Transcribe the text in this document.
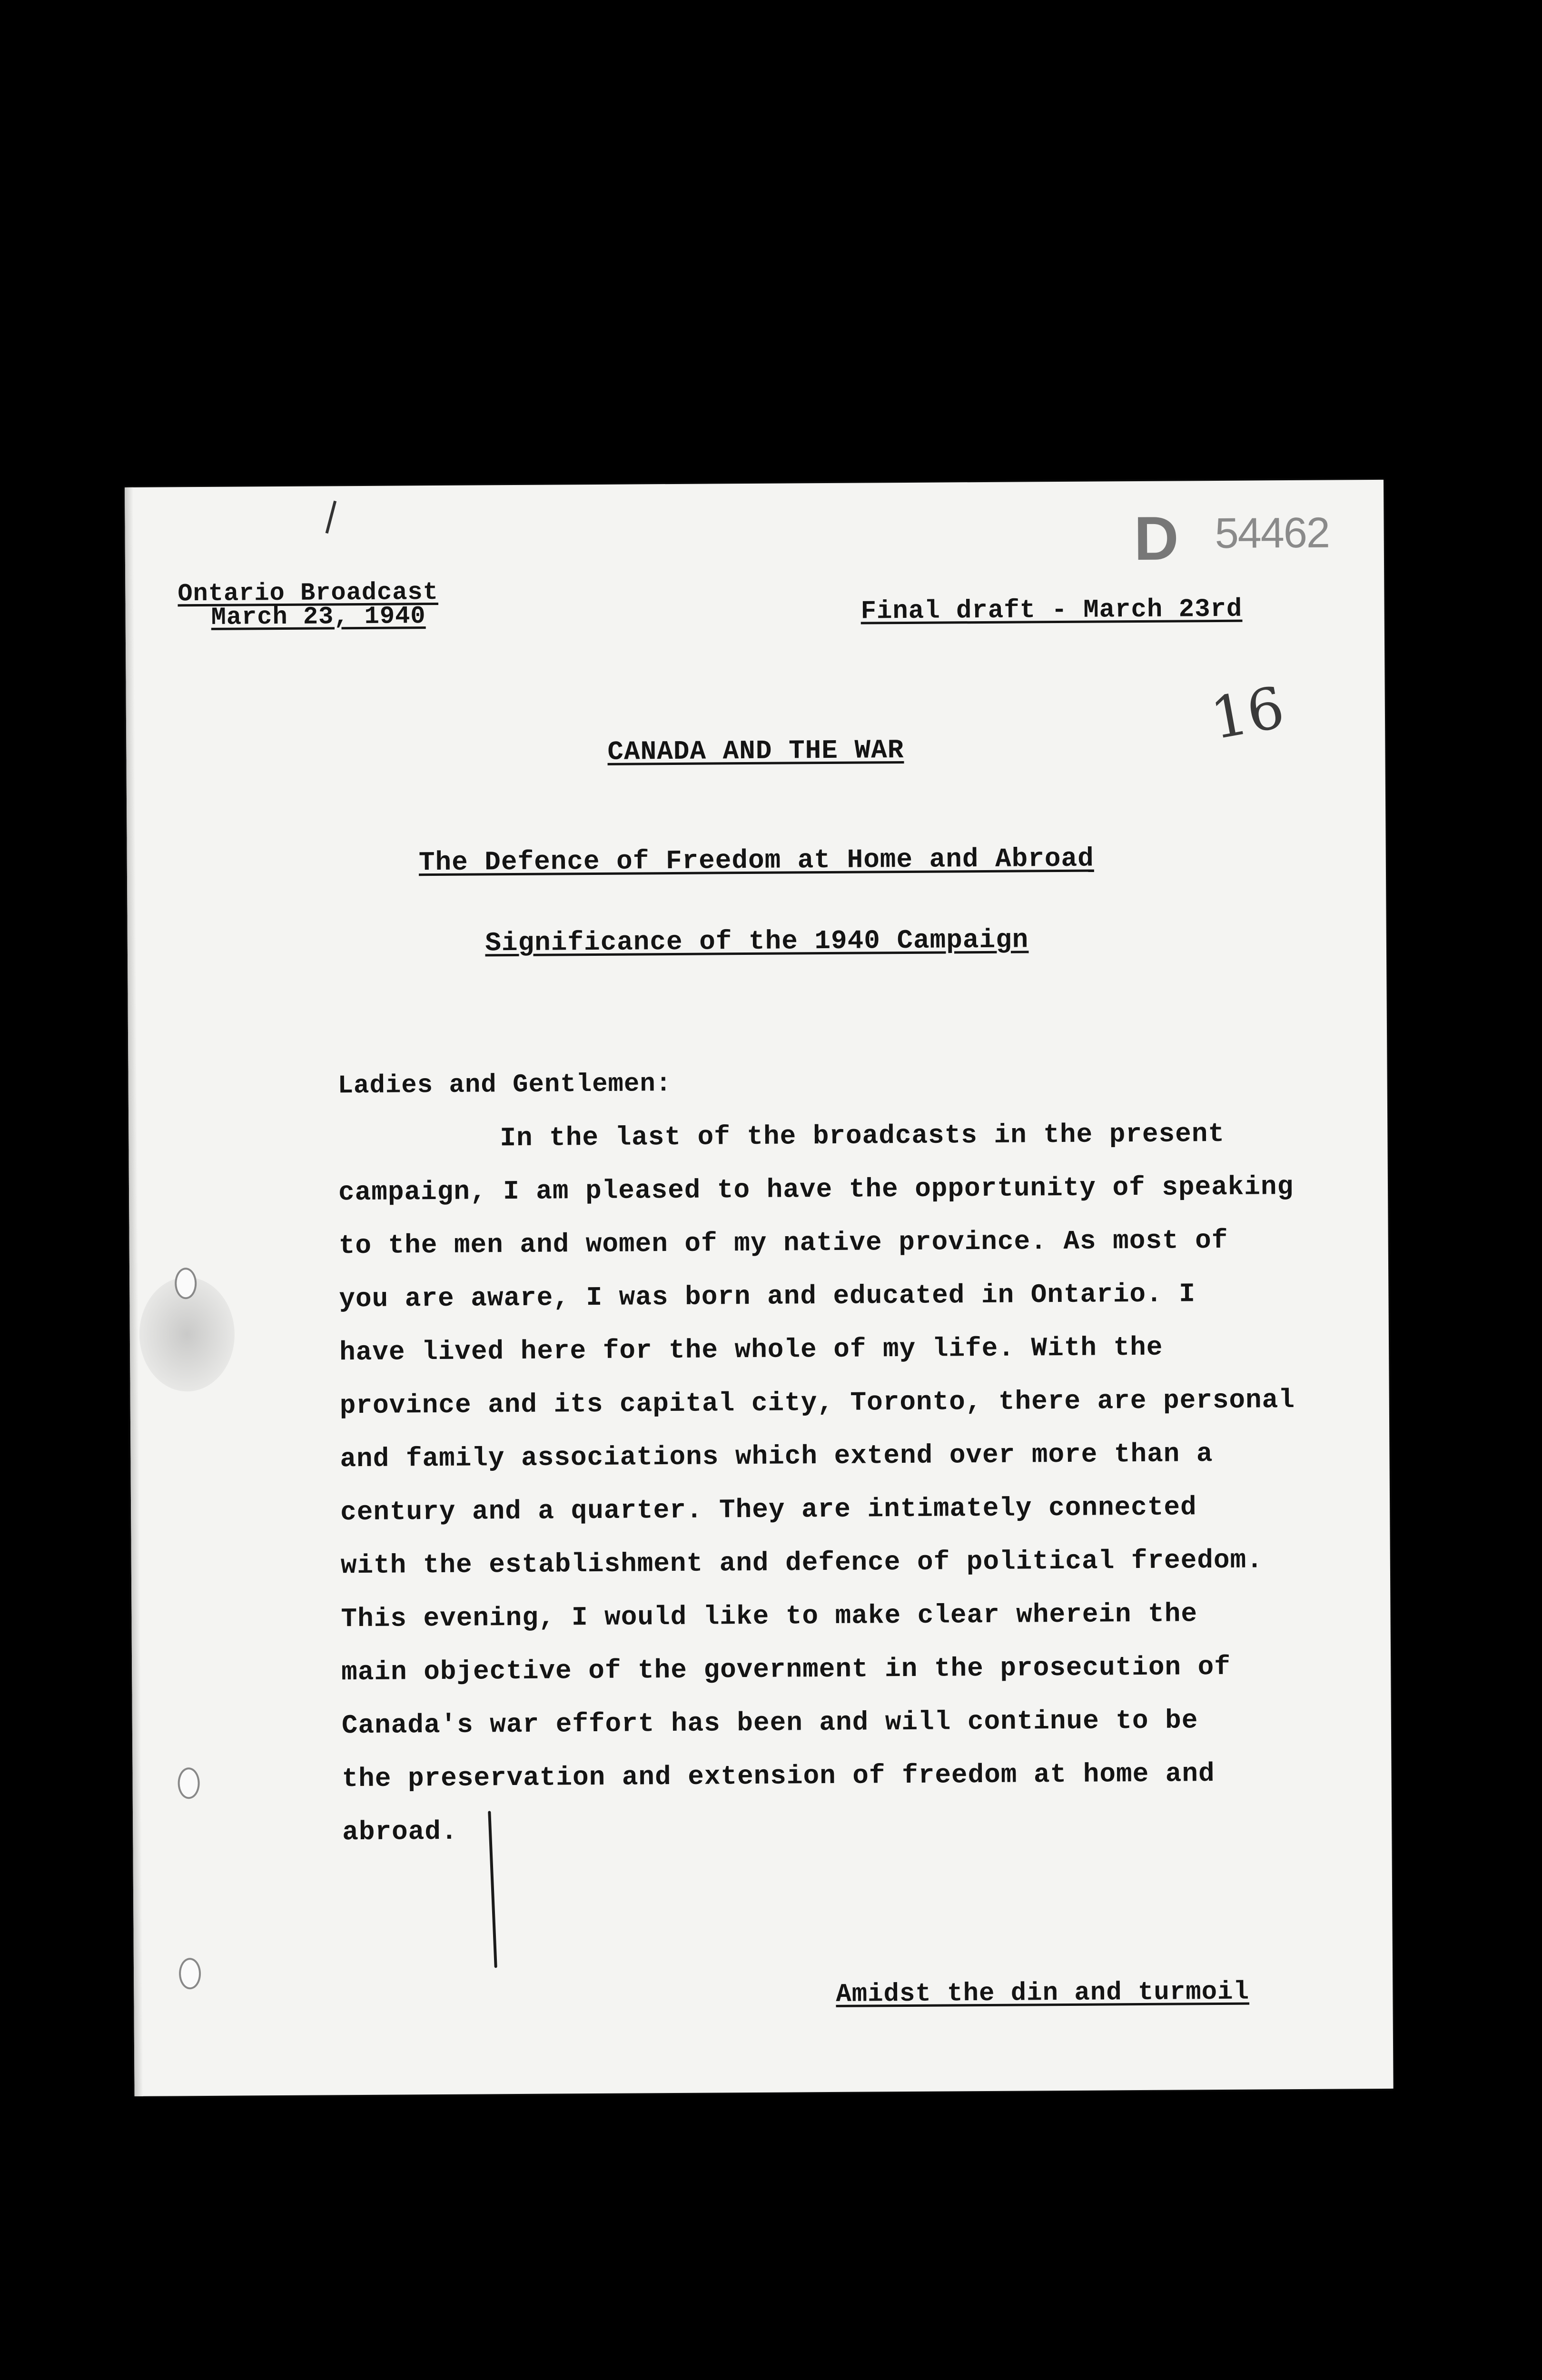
Ontario Broadcast
March 23, 1940	Final draft - March 23rd
D 54462
16
CANADA AND THE WAR
The Defence of Freedom at Home and Abroad
Significance of the 1940 Campaign
Ladies and Gentlemen:
In the last of the broadcasts in the present
campaign, I am pleased to have the opportunity of speaking
to the men and women of my native province. As most of
you are aware, I was born and educated in Ontario. I
have lived here for the whole of my life. With the
province and its capital city, Toronto, there are personal
and family associations which extend over more than a
century and a quarter. They are intimately connected
with the establishment and defence of political freedom.
This evening, I would like to make clear wherein the
main objective of the government in the prosecution of
Canada's war effort has been and will continue to be
the preservation and extension of freedom at home and
abroad.
Amidst the din and turmoil
